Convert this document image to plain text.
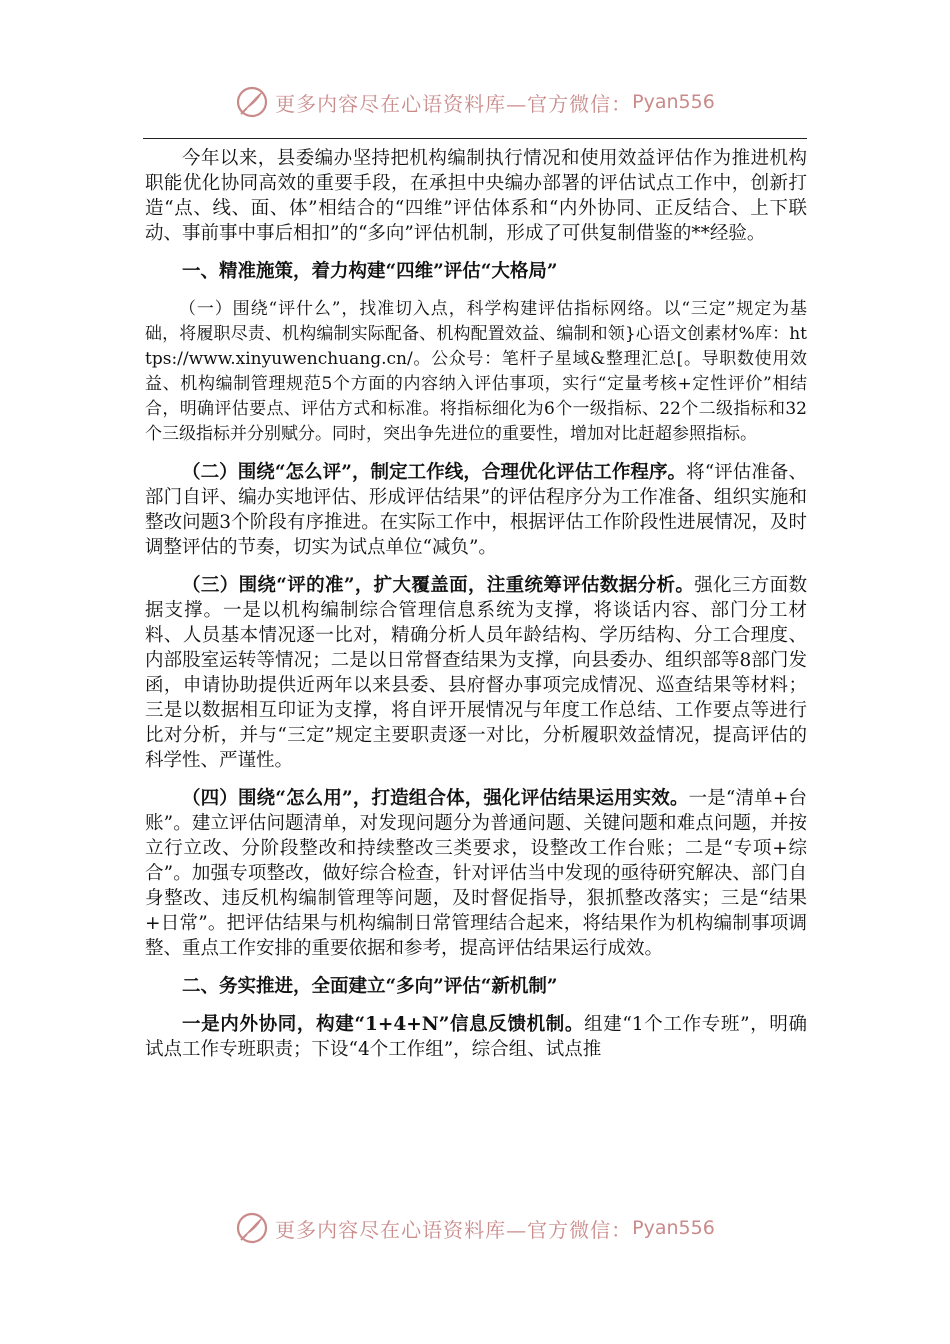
更多内容尽在心语资料库—官方微信： Pyan556

今年以来，县委编办坚持把机构编制执行情况和使用效益评估作为推进机构职能优化协同高效的重要手段，在承担中央编办部署的评估试点工作中，创新打造“点、线、面、体”相结合的“四维”评估体系和“内外协同、正反结合、上下联动、事前事中事后相扣”的“多向”评估机制，形成了可供复制借鉴的**经验。

一、精准施策，着力构建“四维”评估“大格局”

（一）围绕“评什么”，找准切入点，科学构建评估指标网络。以“三定”规定为基础，将履职尽责、机构编制实际配备、机构配置效益、编制和领}心语文创素材%库：https://www.xinyuwenchuang.cn/。公众号：笔杆子星域&整理汇总[。导职数使用效益、机构编制管理规范5个方面的内容纳入评估事项，实行“定量考核+定性评价”相结合，明确评估要点、评估方式和标准。将指标细化为6个一级指标、22个二级指标和32个三级指标并分别赋分。同时，突出争先进位的重要性，增加对比赶超参照指标。

（二）围绕“怎么评”，制定工作线，合理优化评估工作程序。将“评估准备、部门自评、编办实地评估、形成评估结果”的评估程序分为工作准备、组织实施和整改问题3个阶段有序推进。在实际工作中，根据评估工作阶段性进展情况，及时调整评估的节奏，切实为试点单位“减负”。

（三）围绕“评的准”，扩大覆盖面，注重统筹评估数据分析。强化三方面数据支撑。一是以机构编制综合管理信息系统为支撑，将谈话内容、部门分工材料、人员基本情况逐一比对，精确分析人员年龄结构、学历结构、分工合理度、内部股室运转等情况；二是以日常督查结果为支撑，向县委办、组织部等8部门发函，申请协助提供近两年以来县委、县府督办事项完成情况、巡查结果等材料；三是以数据相互印证为支撑，将自评开展情况与年度工作总结、工作要点等进行比对分析，并与“三定”规定主要职责逐一对比，分析履职效益情况，提高评估的科学性、严谨性。

（四）围绕“怎么用”，打造组合体，强化评估结果运用实效。一是“清单+台账”。建立评估问题清单，对发现问题分为普通问题、关键问题和难点问题，并按立行立改、分阶段整改和持续整改三类要求，设整改工作台账；二是“专项+综合”。加强专项整改，做好综合检查，针对评估当中发现的亟待研究解决、部门自身整改、违反机构编制管理等问题，及时督促指导，狠抓整改落实；三是“结果+日常”。把评估结果与机构编制日常管理结合起来，将结果作为机构编制事项调整、重点工作安排的重要依据和参考，提高评估结果运行成效。

二、务实推进，全面建立“多向”评估“新机制”

一是内外协同，构建“1+4+N”信息反馈机制。组建“1个工作专班”，明确试点工作专班职责；下设“4个工作组”，综合组、试点推

更多内容尽在心语资料库—官方微信： Pyan556
